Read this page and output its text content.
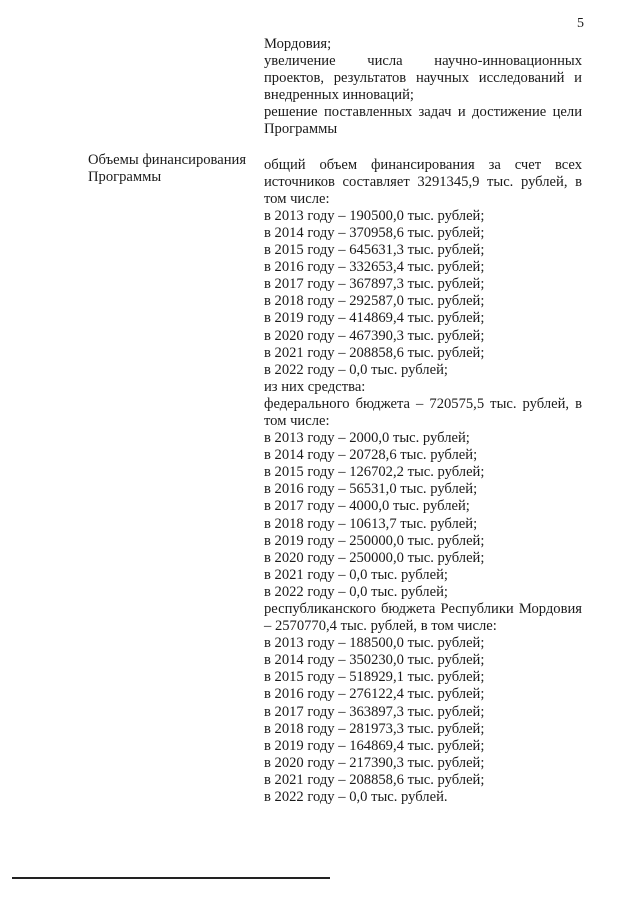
5
Объемы финансирования Программы
Мордовия;
увеличение числа научно-инновационных проектов, результатов научных исследований и внедренных инноваций;
решение поставленных задач и достижение цели Программы
общий объем финансирования за счет всех источников составляет 3291345,9 тыс. рублей, в том числе:
в 2013 году – 190500,0 тыс. рублей;
в 2014 году – 370958,6 тыс. рублей;
в 2015 году – 645631,3 тыс. рублей;
в 2016 году – 332653,4 тыс. рублей;
в 2017 году – 367897,3 тыс. рублей;
в 2018 году – 292587,0 тыс. рублей;
в 2019 году – 414869,4 тыс. рублей;
в 2020 году – 467390,3 тыс. рублей;
в 2021 году – 208858,6 тыс. рублей;
в 2022 году – 0,0 тыс. рублей;
из них средства:
федерального бюджета – 720575,5 тыс. рублей, в том числе:
в 2013 году – 2000,0 тыс. рублей;
в 2014 году – 20728,6 тыс. рублей;
в 2015 году – 126702,2 тыс. рублей;
в 2016 году – 56531,0 тыс. рублей;
в 2017 году – 4000,0 тыс. рублей;
в 2018 году – 10613,7 тыс. рублей;
в 2019 году – 250000,0 тыс. рублей;
в 2020 году – 250000,0 тыс. рублей;
в 2021 году – 0,0 тыс. рублей;
в 2022 году – 0,0 тыс. рублей;
республиканского бюджета Республики Мордовия – 2570770,4 тыс. рублей, в том числе:
в 2013 году – 188500,0 тыс. рублей;
в 2014 году – 350230,0 тыс. рублей;
в 2015 году – 518929,1 тыс. рублей;
в 2016 году – 276122,4 тыс. рублей;
в 2017 году – 363897,3 тыс. рублей;
в 2018 году – 281973,3 тыс. рублей;
в 2019 году – 164869,4 тыс. рублей;
в 2020 году – 217390,3 тыс. рублей;
в 2021 году – 208858,6 тыс. рублей;
в 2022 году – 0,0 тыс. рублей.
